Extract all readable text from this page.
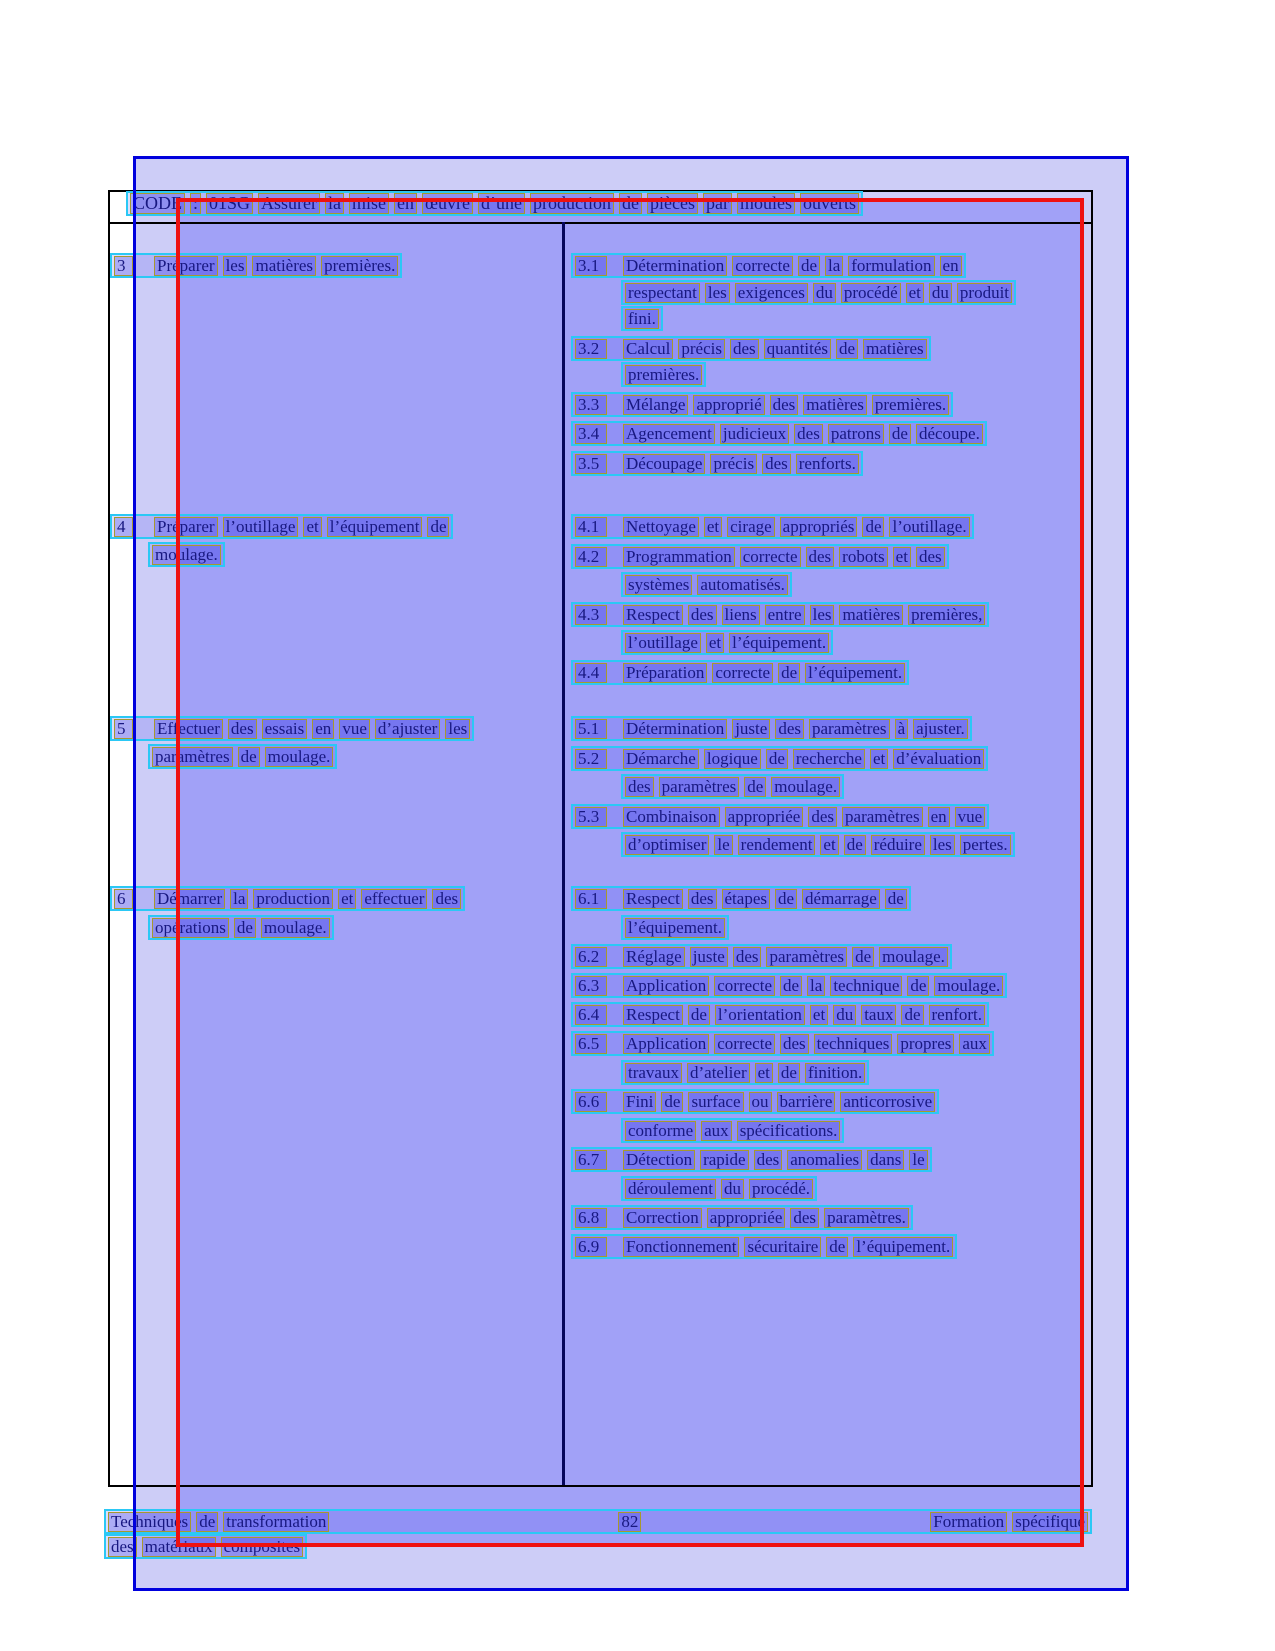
CODE : 01SG Assurer la mise en œuvre d’une production de pièces par moules ouverts
3	Préparer les matières premières.	3.1	Détermination correcte de la formulation en
respectant les exigences du procédé et du produit
fini.
3.2	Calcul précis des quantités de matières
premières.
3.3	Mélange approprié des matières premières.
3.4	Agencement judicieux des patrons de découpe.
3.5	Découpage précis des renforts.
4	Préparer l’outillage et l’équipement de
moulage.
4.1	Nettoyage et cirage appropriés de l’outillage.
4.2	Programmation correcte des robots et des
systèmes automatisés.
4.3	Respect des liens entre les matières premières,
l’outillage et l’équipement.
4.4	Préparation correcte de l’équipement.
5	Effectuer des essais en vue d’ajuster les
paramètres de moulage.
5.1	Détermination juste des paramètres à ajuster.
5.2	Démarche logique de recherche et d’évaluation
des paramètres de moulage.
5.3	Combinaison appropriée des paramètres en vue
d’optimiser le rendement et de réduire les pertes.
6	Démarrer la production et effectuer des
opérations de moulage.
6.1	Respect des étapes de démarrage de
l’équipement.
6.2	Réglage juste des paramètres de moulage.
6.3	Application correcte de la technique de moulage.
6.4	Respect de l’orientation et du taux de renfort.
6.5	Application correcte des techniques propres aux
travaux d’atelier et de finition.
6.6	Fini de surface ou barrière anticorrosive
conforme aux spécifications.
6.7	Détection rapide des anomalies dans le
déroulement du procédé.
6.8	Correction appropriée des paramètres.
6.9	Fonctionnement sécuritaire de l’équipement.
Techniques de transformation	82	Formation spécifique
des matériaux composites
